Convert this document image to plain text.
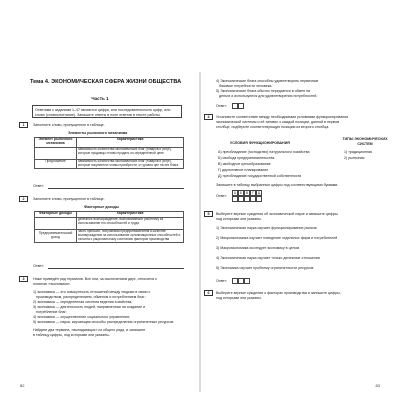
Тема 4. ЭКОНОМИЧЕСКАЯ СФЕРА ЖИЗНИ ОБЩЕСТВА
Часть 1
Ответами к заданиям 1–47 являются цифра, или последовательность цифр, или
слово (словосочетание). Запишите ответы в поле ответов в тексте работы.
1	Заполните слово, пропущенное в таблице.
Элементы рыночного механизма
Элемент рыночного механизма	Характеристика
	зависимость количества экономических благ (товаров и услуг), которые продавцы готовы продать по определённой цене
Предложение	зависимость количества экономических благ (товаров и услуг), которые покупатели готовы приобрести, от уровня цен на эти блага
Ответ:
2	Заполните слово, пропущенное в таблице.
Факторные доходы
Факторные доходы	Характеристика
	денежное вознаграждение, выплачиваемое работнику за использование его способностей и труда
Предпринимательский доход	часть прибыли, получаемая предпринимателем в качестве вознаграждения за использование организационных способностей и таланта к рациональному сочетанию факторов производства
Ответ:
3	Ниже приведён ряд терминов. Все они, за исключением двух, относятся к
понятию «экономика».
1) экономика — это совокупность отношений между людьми в связи с
производством, распределением, обменом и потреблением благ;
2) экономика — определённая система ведения хозяйства;
3) экономика — деятельность людей, направленная на создание и
потребление благ;
4) экономика — осуществление социального управления;
5) экономика — наука, изучающая способы распределения ограниченных ресурсов.
Найдите два термина, «выпадающих» из общего ряда, и запишите
в таблицу цифры, под которыми они указаны.
82
4) Экономические блага способны удовлетворить первичные
базовые потребности человека.
5) Экономические блага обычно передаются в обмен на
деньги и используются для удовлетворения потребностей.
Ответ:
4	Установите соответствие между необходимыми условиями функционирования
экономической системы и её типами: к каждой позиции, данной в первом
столбце, подберите соответствующую позицию из второго столбца.
УСЛОВИЯ ФУНКЦИОНИРОВАНИЯ
ТИПЫ ЭКОНОМИЧЕСКИХ СИСТЕМ
А) преобладание (господство) натурального хозяйства
Б) свобода предпринимательства
В) свободное ценообразование
Г) директивное планирование
Д) преобладание государственной собственности
1) традиционная
2) рыночная
Запишите в таблицу выбранные цифры под соответствующими буквами.
Ответ:
А	Б	В	Г	Д
5	Выберите верные суждения об экономической науке и запишите цифры,
под которыми они указаны.
1) Экономическая наука изучает функционирование рынков
2) Микроэкономика изучает поведение отдельных фирм и потребителей
3) Макроэкономика исследует экономику в целом
4) Экономическая наука изучает только денежные отношения
5) Экономика изучает проблему ограниченности ресурсов
Ответ:
6	Выберите верные суждения о факторах производства и запишите цифры,
под которыми они указаны.
83
